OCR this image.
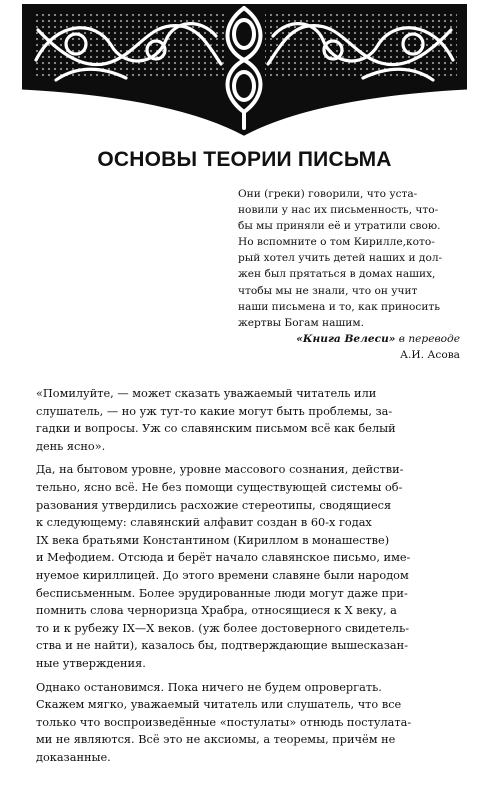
ОСНОВЫ ТЕОРИИ ПИСЬМА
Они (греки) говорили, что уста-
новили у нас их письменность, что-
бы мы приняли её и утратили свою.
Но вспомните о том Кирилле,кото-
рый хотел учить детей наших и дол-
жен был прятаться в домах наших,
чтобы мы не знали, что он учит
наши письмена и то, как приносить
жертвы Богам нашим.
«Книга Велеси» в переводе
А.И. Асова
«Помилуйте, — может сказать уважаемый читатель или
слушатель, — но уж тут-то какие могут быть проблемы, за-
гадки и вопросы. Уж со славянским письмом всё как белый
день ясно».
Да, на бытовом уровне, уровне массового сознания, действи-
тельно, ясно всё. Не без помощи существующей системы об-
разования утвердились расхожие стереотипы, сводящиеся
к следующему: славянский алфавит создан в 60-х годах
IX века братьями Константином (Кириллом в монашестве)
и Мефодием. Отсюда и берёт начало славянское письмо, име-
нуемое кириллицей. До этого времени славяне были народом
бесписьменным. Более эрудированные люди могут даже при-
помнить слова черноризца Храбра, относящиеся к X веку, а
то и к рубежу IX—X веков. (уж более достоверного свидетель-
ства и не найти), казалось бы, подтверждающие вышесказан-
ные утверждения.
Однако остановимся. Пока ничего не будем опровергать.
Скажем мягко, уважаемый читатель или слушатель, что все
только что воспроизведённые «постулаты» отнюдь постулата-
ми не являются. Всё это не аксиомы, а теоремы, причём не
доказанные.
